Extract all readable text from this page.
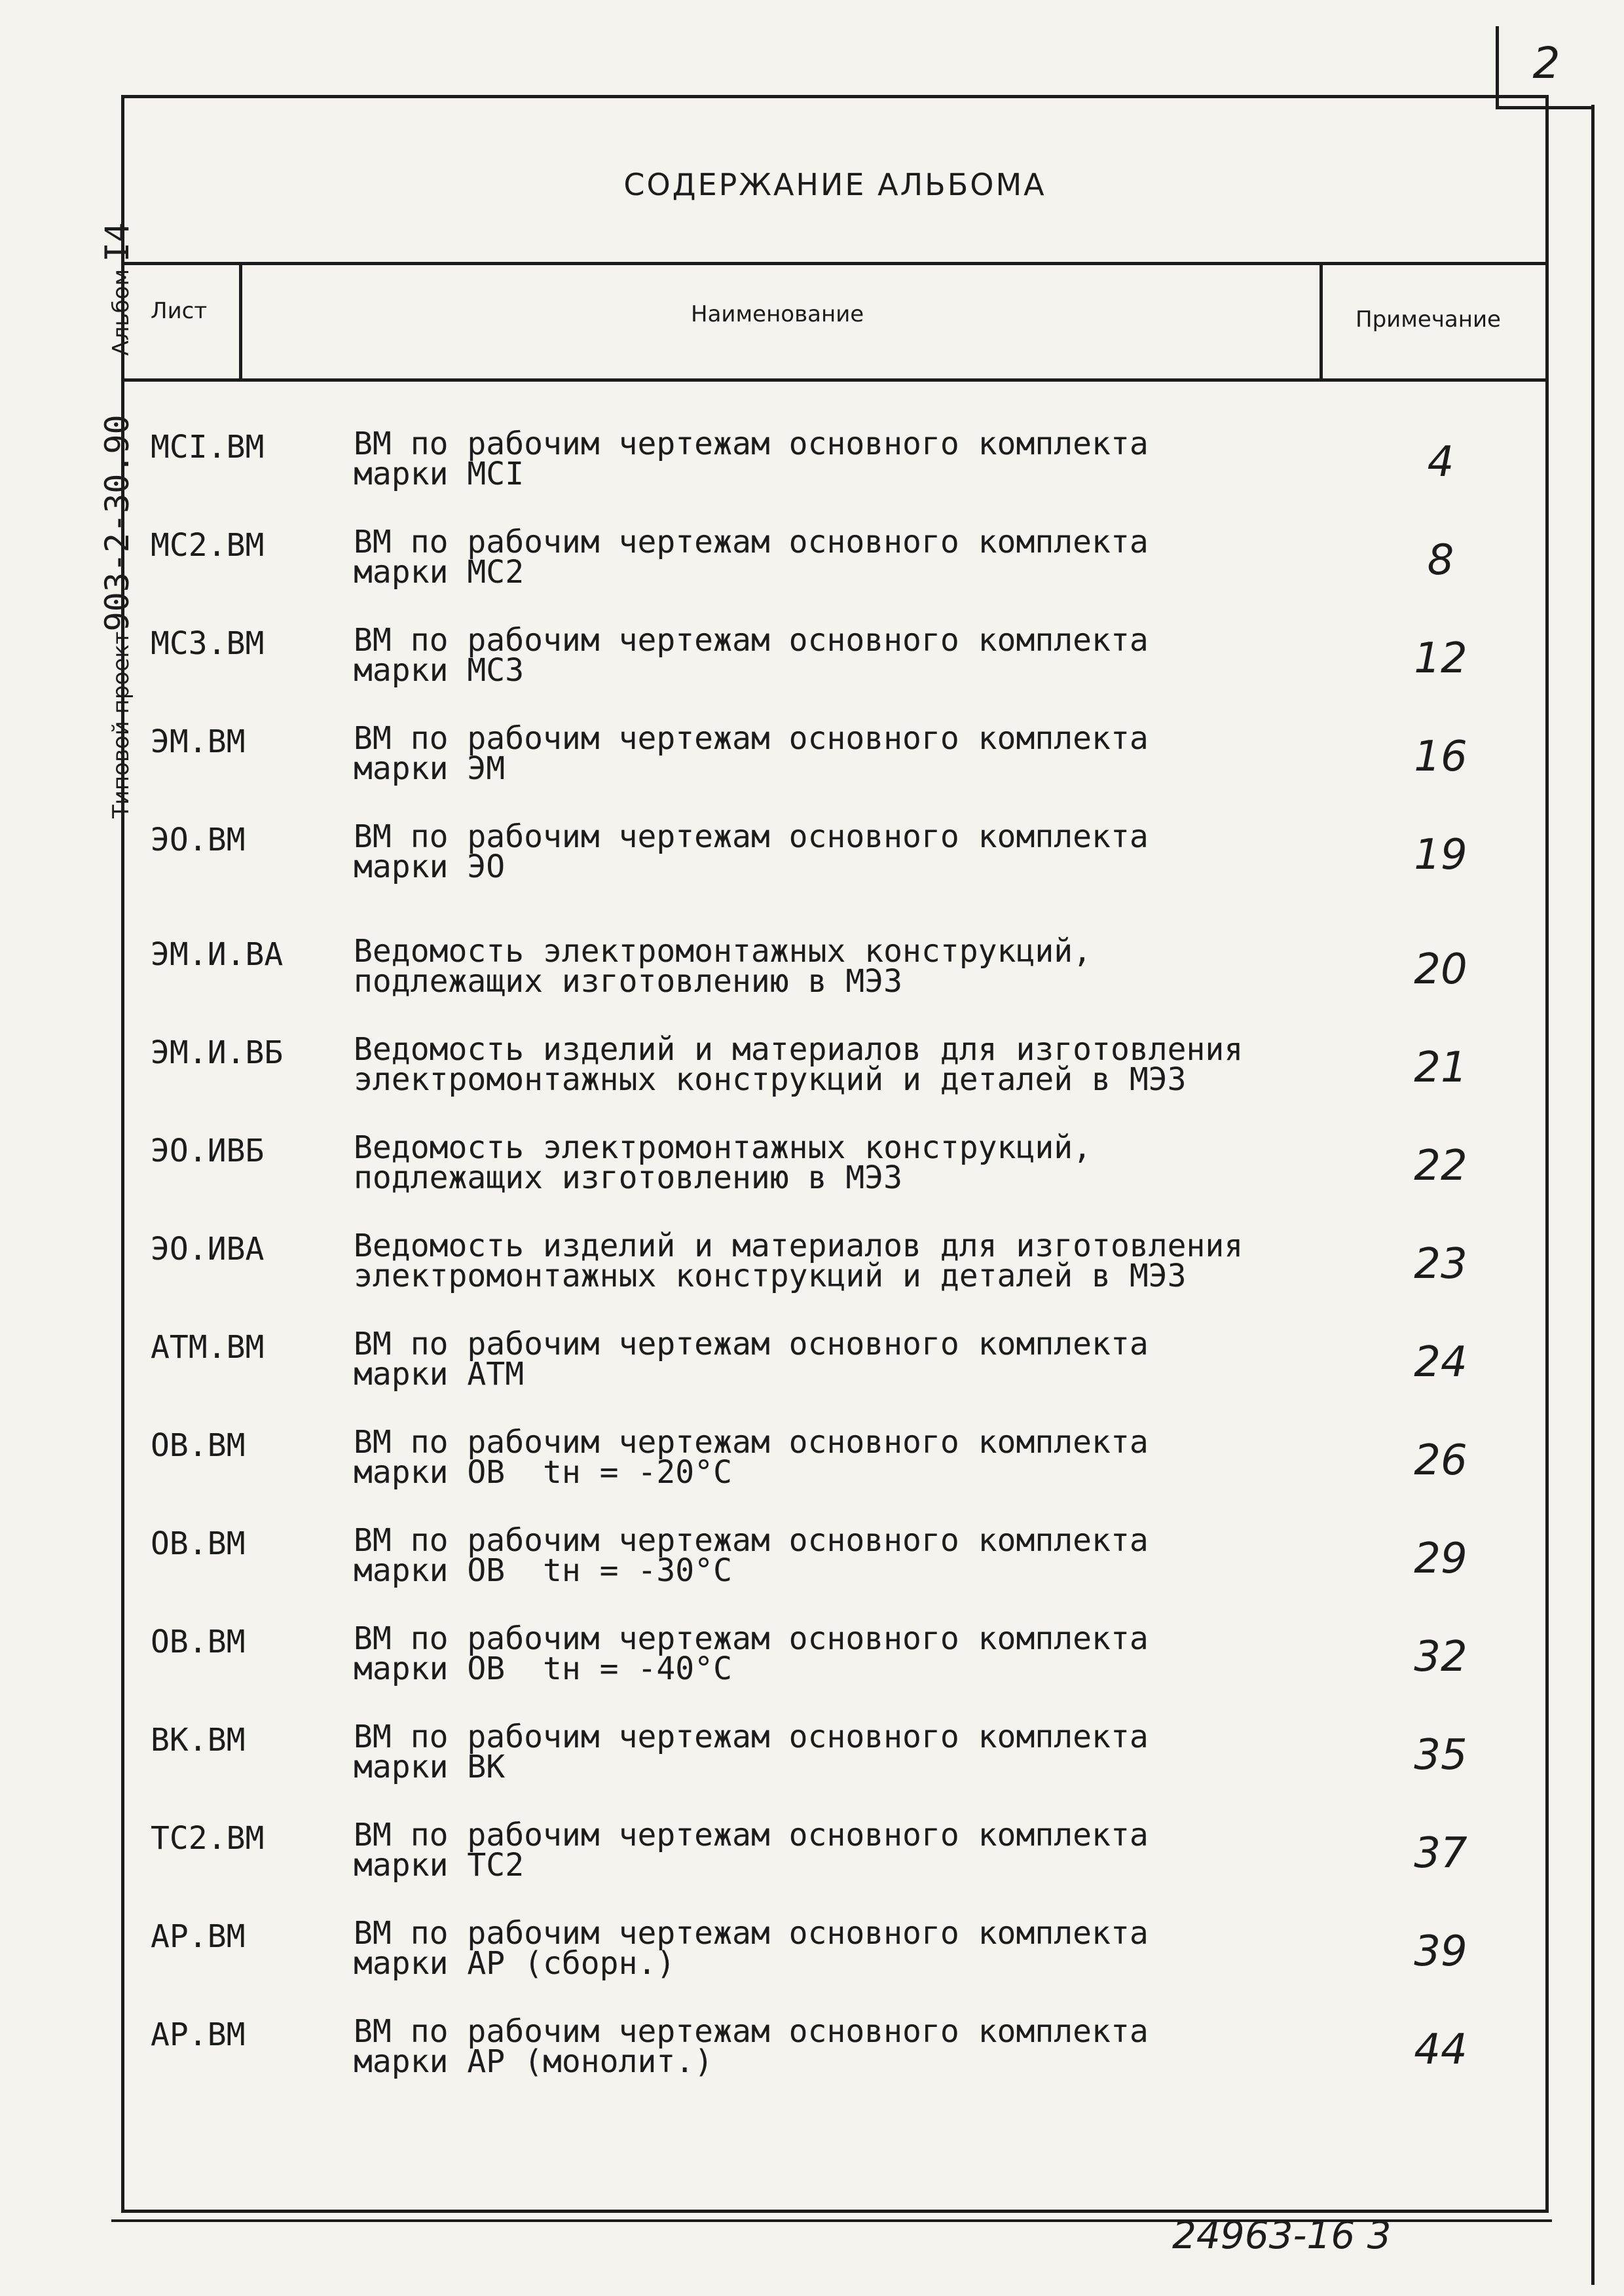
2
Типовой проект903-2-30.90Альбом I4
СОДЕРЖАНИЕ АЛЬБОМА
Лист	Наименование	Примечание
МСI.ВМ	ВМ по рабочим чертежам основного комплекта
марки МСI	4
МС2.ВМ	ВМ по рабочим чертежам основного комплекта
марки МС2	8
МС3.ВМ	ВМ по рабочим чертежам основного комплекта
марки МС3	12
ЭМ.ВМ	ВМ по рабочим чертежам основного комплекта
марки ЭМ	16
ЭО.ВМ	ВМ по рабочим чертежам основного комплекта
марки ЭО	19
ЭМ.И.ВА Ведомость электромонтажных конструкций,
подлежащих изготовлению в МЭЗ	20
ЭМ.И.ВБ Ведомость изделий и материалов для изготовления
электромонтажных конструкций и деталей в МЭЗ	21
ЭО.ИВБ	Ведомость электромонтажных конструкций,
подлежащих изготовлению в МЭЗ	22
ЭО.ИВА	Ведомость изделий и материалов для изготовления
электромонтажных конструкций и деталей в МЭЗ	23
АТМ.ВМ	ВМ по рабочим чертежам основного комплекта
марки АТМ	24
ОВ.ВМ	ВМ по рабочим чертежам основного комплекта
марки ОВ  tн = -20°С	26
ОВ.ВМ	ВМ по рабочим чертежам основного комплекта
марки ОВ  tн = -30°С	29
ОВ.ВМ	ВМ по рабочим чертежам основного комплекта
марки ОВ  tн = -40°С	32
ВК.ВМ	ВМ по рабочим чертежам основного комплекта
марки ВК	35
ТС2.ВМ	ВМ по рабочим чертежам основного комплекта
марки ТС2	37
АР.ВМ	ВМ по рабочим чертежам основного комплекта
марки АР (сборн.)	39
АР.ВМ	ВМ по рабочим чертежам основного комплекта
марки АР (монолит.)	44
24963-16 3
